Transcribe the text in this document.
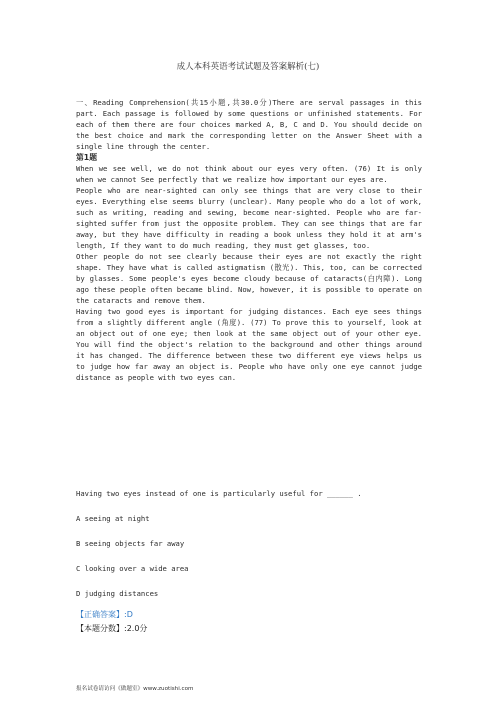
成人本科英语考试试题及答案解析(七)

一、Reading Comprehension(共15小题,共30.0分)There are serval passages in this part. Each passage is followed by some questions or unfinished statements. For each of them there are four choices marked A, B, C and D. You should decide on the best choice and mark the corresponding letter on the Answer Sheet with a single line through the center.

第1题

When we see well, we do not think about our eyes very often. (76) It is only when we cannot See perfectly that we realize how important our eyes are.

People who are near-sighted can only see things that are very close to their eyes. Everything else seems blurry (unclear). Many people who do a lot of work, such as writing, reading and sewing, become near-sighted. People who are far-sighted suffer from just the opposite problem. They can see things that are far away, but they have difficulty in reading a book unless they hold it at arm's length, If they want to do much reading, they must get glasses, too.

Other people do not see clearly because their eyes are not exactly the right shape. They have what is called astigmatism (散光). This, too, can be corrected by glasses. Some people's eyes become cloudy because of cataracts(白内障). Long ago these people often became blind. Now, however, it is possible to operate on the cataracts and remove them.

Having two good eyes is important for judging distances. Each eye sees things from a slightly different angle (角度). (77) To prove this to yourself, look at an object out of one eye; then look at the same object out of your other eye. You will find the object's relation to the background and other things around it has changed. The difference between these two different eye views helps us to judge how far away an object is. People who have only one eye cannot judge distance as people with two eyes can.

Having two eyes instead of one is particularly useful for ______ .
A seeing at night
B seeing objects far away
C looking over a wide area
D judging distances
【正确答案】:D
【本题分数】:2.0分
报名试卷请访问《做题室》www.zuotishi.com
